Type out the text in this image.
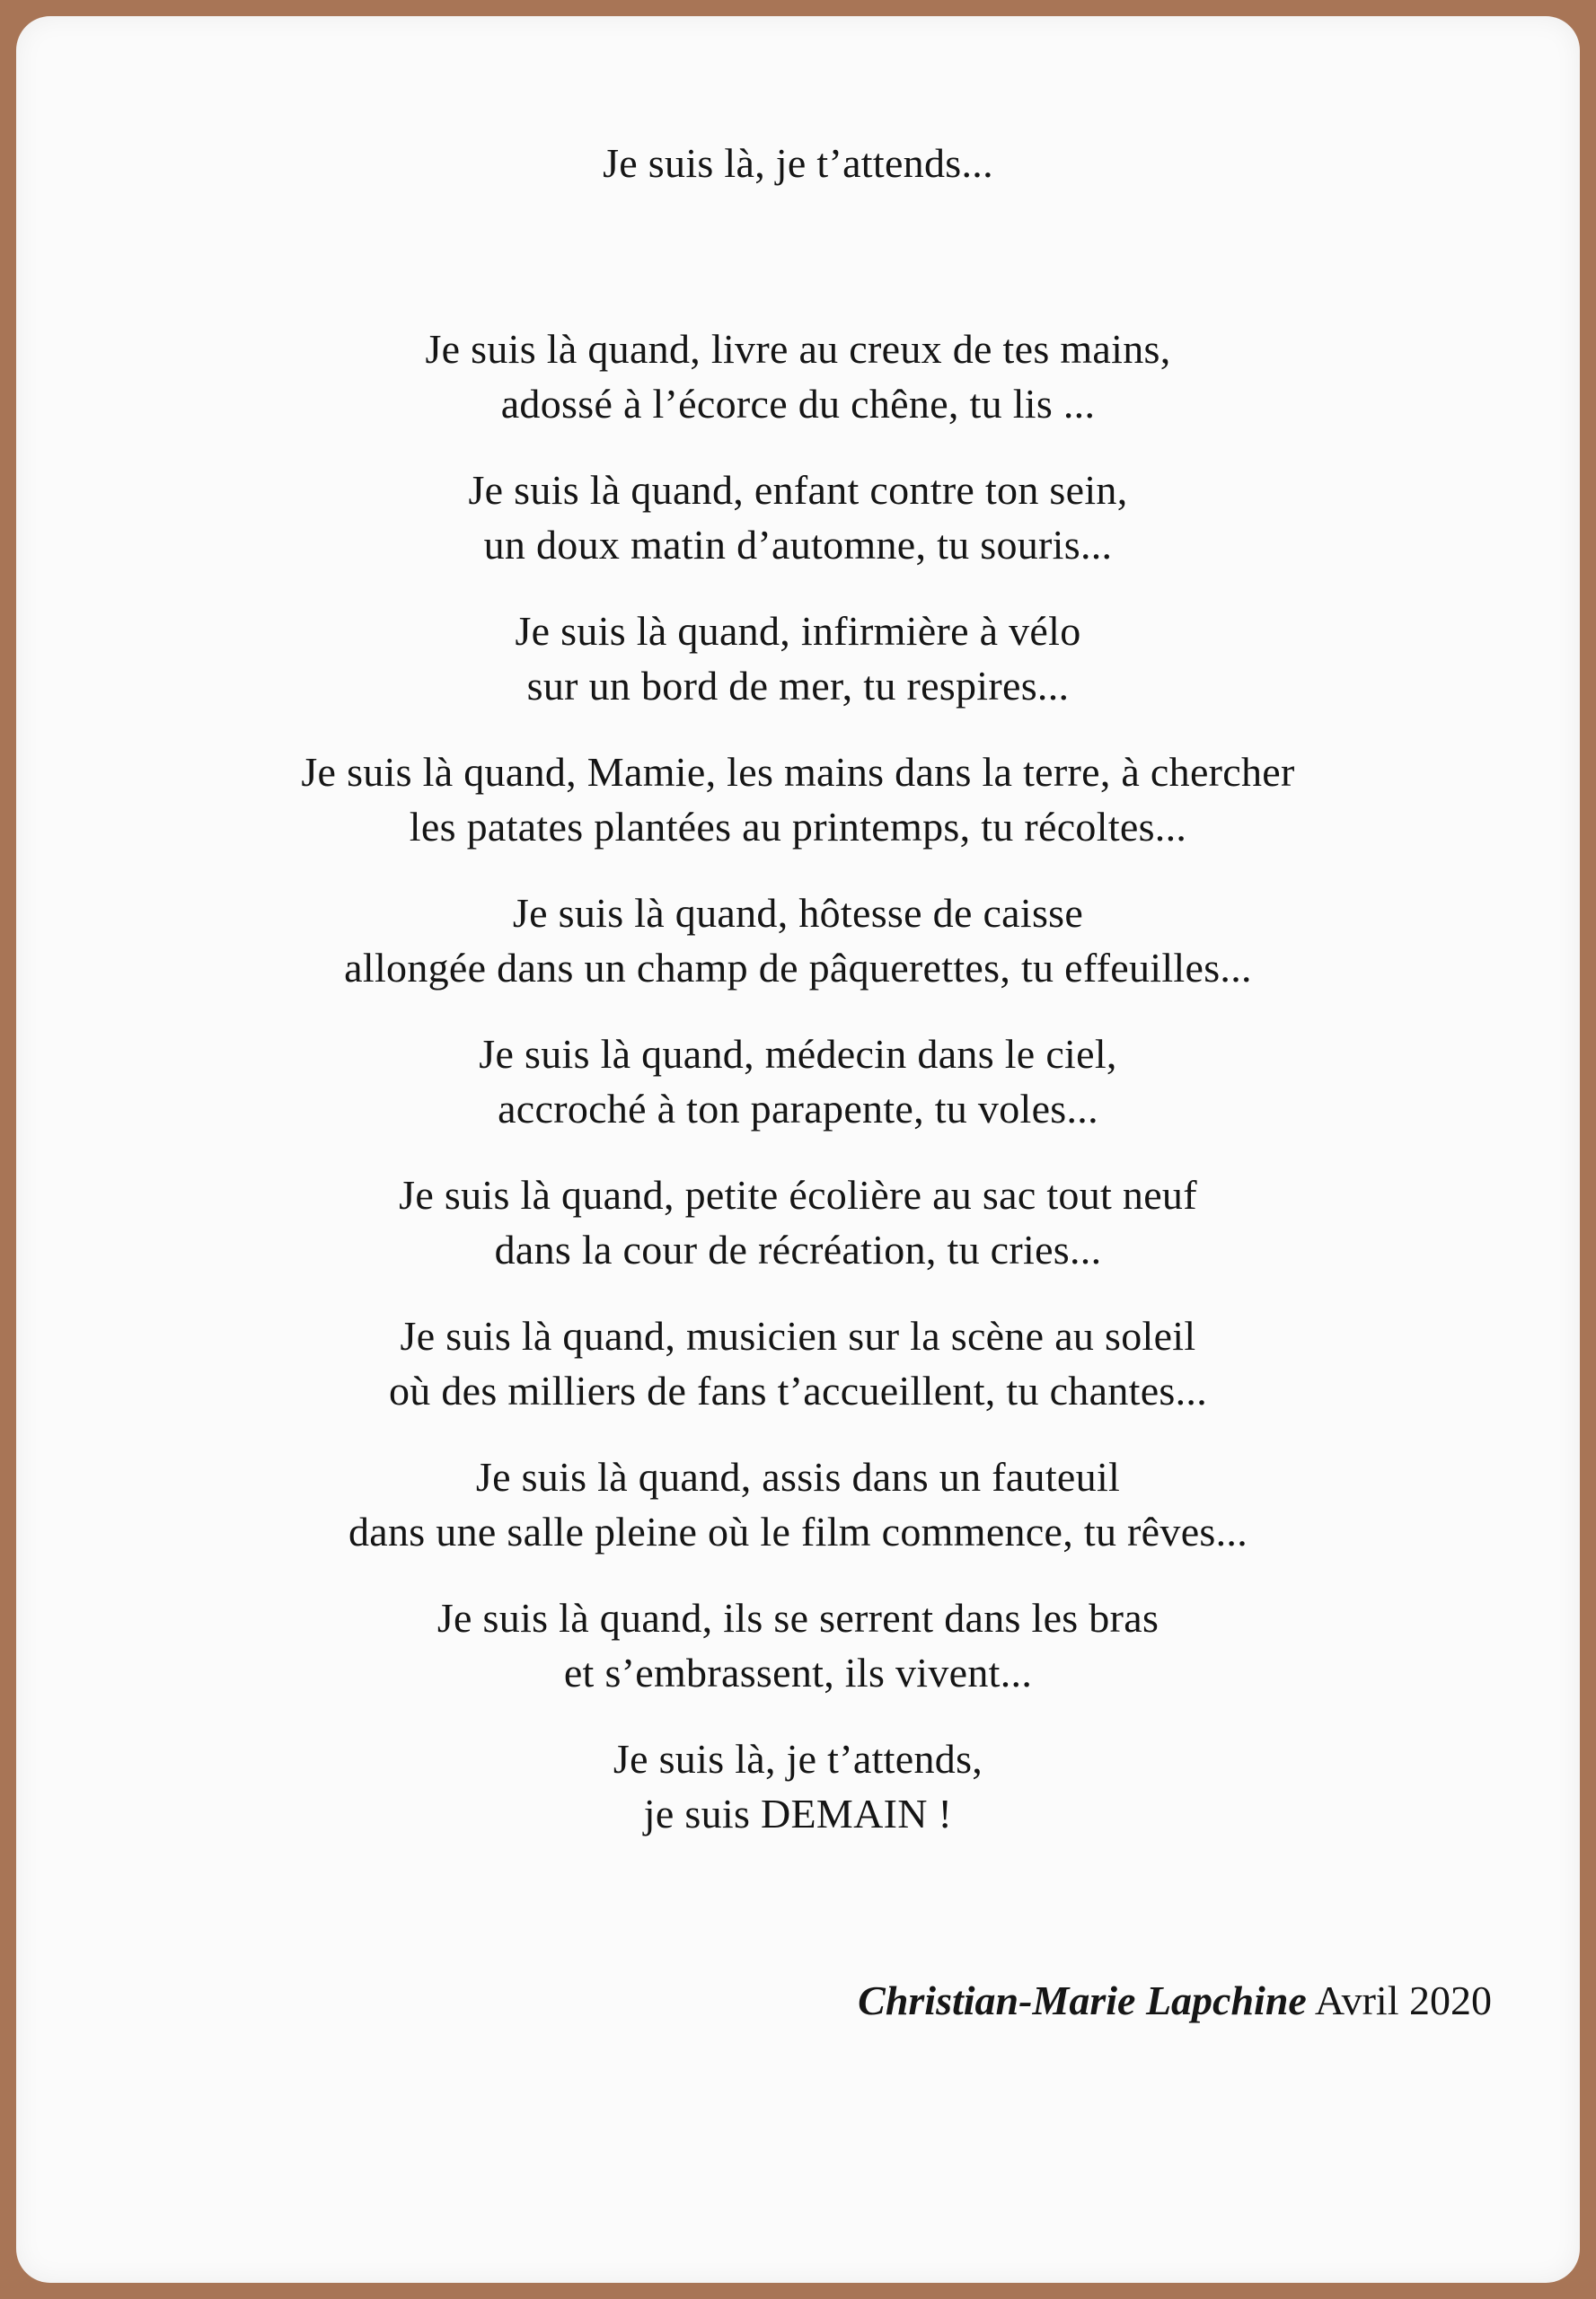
Je suis là, je t’attends...
Je suis là quand, livre au creux de tes mains,
adossé à l’écorce du chêne, tu lis ...
Je suis là quand, enfant contre ton sein,
un doux matin d’automne, tu souris...
Je suis là quand, infirmière à vélo
sur un bord de mer, tu respires...
Je suis là quand, Mamie, les mains dans la terre, à chercher
les patates plantées au printemps, tu récoltes...
Je suis là quand, hôtesse de caisse
allongée dans un champ de pâquerettes, tu effeuilles...
Je suis là quand, médecin dans le ciel,
accroché à ton parapente, tu voles...
Je suis là quand, petite écolière au sac tout neuf
dans la cour de récréation, tu cries...
Je suis là quand, musicien sur la scène au soleil
où des milliers de fans t’accueillent, tu chantes...
Je suis là quand, assis dans un fauteuil
dans une salle pleine où le film commence, tu rêves...
Je suis là quand, ils se serrent dans les bras
et s’embrassent, ils vivent...
Je suis là, je t’attends,
je suis DEMAIN !
Christian-Marie Lapchine Avril 2020
